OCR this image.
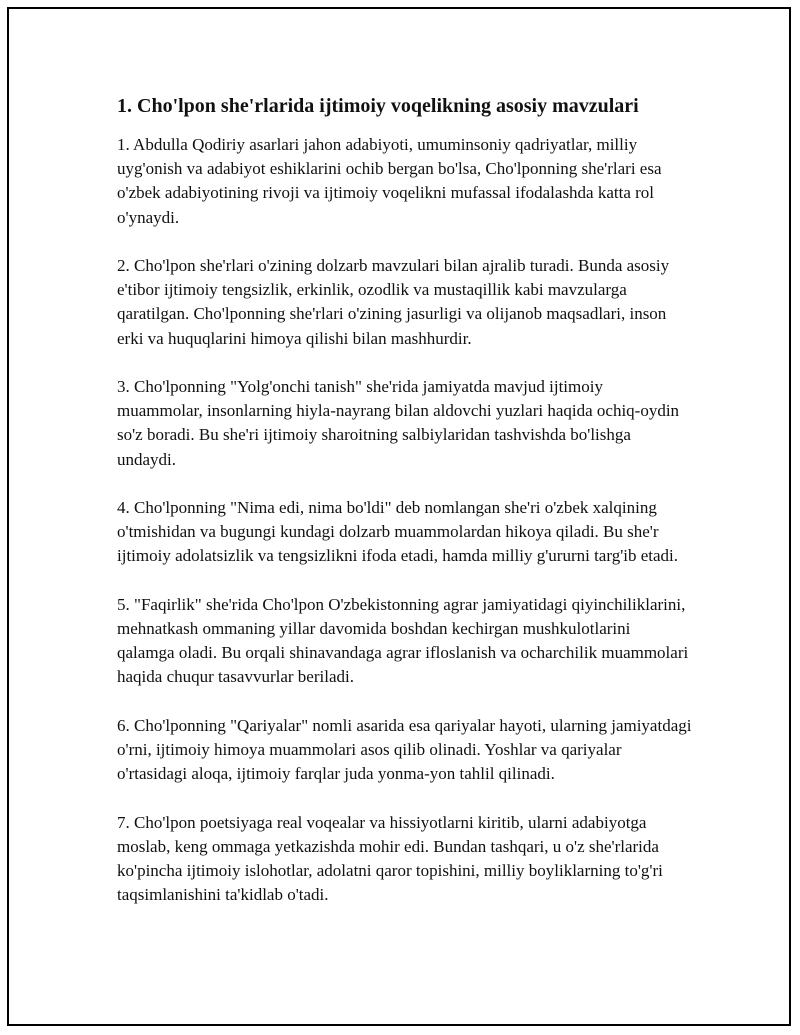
1. Cho'lpon she'rlarida ijtimoiy voqelikning asosiy mavzulari

1. Abdulla Qodiriy asarlari jahon adabiyoti, umuminsoniy qadriyatlar, milliy uyg'onish va adabiyot eshiklarini ochib bergan bo'lsa, Cho'lponning she'rlari esa o'zbek adabiyotining rivoji va ijtimoiy voqelikni mufassal ifodalashda katta rol o'ynaydi.

2. Cho'lpon she'rlari o'zining dolzarb mavzulari bilan ajralib turadi. Bunda asosiy e'tibor ijtimoiy tengsizlik, erkinlik, ozodlik va mustaqillik kabi mavzularga qaratilgan. Cho'lponning she'rlari o'zining jasurligi va olijanob maqsadlari, inson erki va huquqlarini himoya qilishi bilan mashhurdir.

3. Cho'lponning "Yolg'onchi tanish" she'rida jamiyatda mavjud ijtimoiy muammolar, insonlarning hiyla-nayrang bilan aldovchi yuzlari haqida ochiq-oydin so'z boradi. Bu she'ri ijtimoiy sharoitning salbiylaridan tashvishda bo'lishga undaydi.

4. Cho'lponning "Nima edi, nima bo'ldi" deb nomlangan she'ri o'zbek xalqining o'tmishidan va bugungi kundagi dolzarb muammolardan hikoya qiladi. Bu she'r ijtimoiy adolatsizlik va tengsizlikni ifoda etadi, hamda milliy g'ururni targ'ib etadi.

5. "Faqirlik" she'rida Cho'lpon O'zbekistonning agrar jamiyatidagi qiyinchiliklarini, mehnatkash ommaning yillar davomida boshdan kechirgan mushkulotlarini qalamga oladi. Bu orqali shinavandaga agrar ifloslanish va ocharchilik muammolari haqida chuqur tasavvurlar beriladi.

6. Cho'lponning "Qariyalar" nomli asarida esa qariyalar hayoti, ularning jamiyatdagi o'rni, ijtimoiy himoya muammolari asos qilib olinadi. Yoshlar va qariyalar o'rtasidagi aloqa, ijtimoiy farqlar juda yonma-yon tahlil qilinadi.

7. Cho'lpon poetsiyaga real voqealar va hissiyotlarni kiritib, ularni adabiyotga moslab, keng ommaga yetkazishda mohir edi. Bundan tashqari, u o'z she'rlarida ko'pincha ijtimoiy islohotlar, adolatni qaror topishini, milliy boyliklarning to'g'ri taqsimlanishini ta'kidlab o'tadi.
